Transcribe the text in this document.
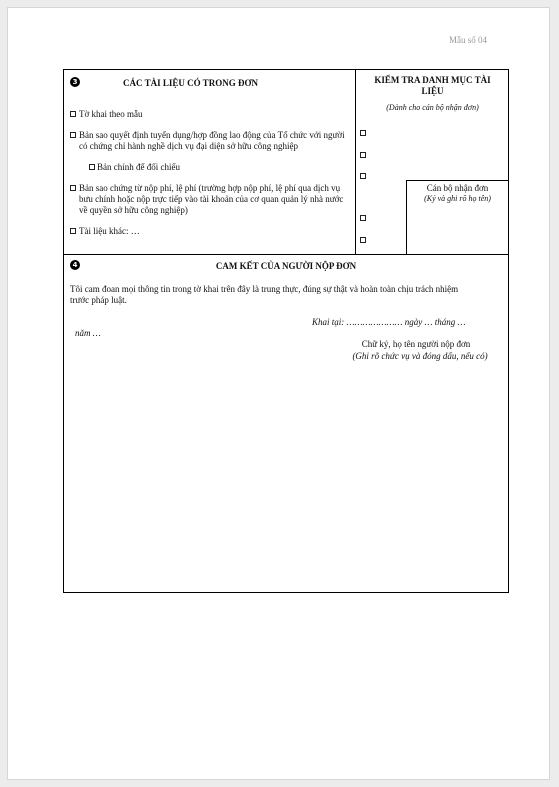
Mẫu số 04
3	CÁC TÀI LIỆU CÓ TRONG ĐƠN
Tờ khai theo mẫu
Bản sao quyết định tuyển dụng/hợp đồng lao động của Tổ chức với người có chứng chỉ hành nghề dịch vụ đại diện sở hữu công nghiệp
Bản chính để đối chiếu
Bản sao chứng từ nộp phí, lệ phí (trường hợp nộp phí, lệ phí qua dịch vụ bưu chính hoặc nộp trực tiếp vào tài khoản của cơ quan quản lý nhà nước về quyền sở hữu công nghiệp)
Tài liệu khác: …
KIỂM TRA DANH MỤC TÀI
LIỆU
(Dành cho cán bộ nhận đơn)
Cán bộ nhận đơn
(Ký và ghi rõ họ tên)
4	CAM KẾT CỦA NGƯỜI NỘP ĐƠN
Tôi cam đoan mọi thông tin trong tờ khai trên đây là trung thực, đúng sự thật và hoàn toàn chịu trách nhiệm
trước pháp luật.
Khai tại: ………………… ngày … tháng …
năm …
Chữ ký, họ tên người nộp đơn
(Ghi rõ chức vụ và đóng dấu, nếu có)
